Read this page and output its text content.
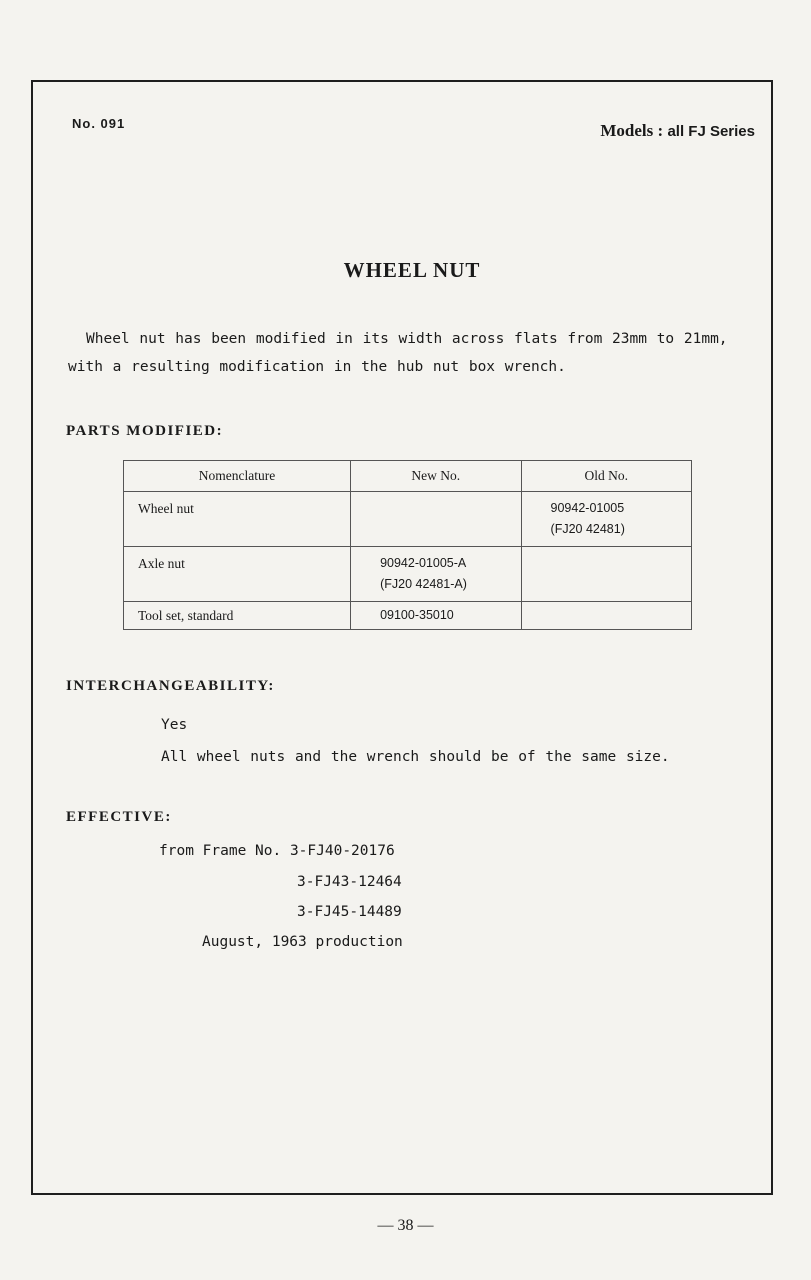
No. 091	Models : all FJ Series
WHEEL NUT
Wheel nut has been modified in its width across flats from 23mm to 21mm, with a resulting modification in the hub nut box wrench.
PARTS MODIFIED:
Nomenclature	New No.	Old No.
Wheel nut		90942-01005
(FJ20 42481)

Axle nut	90942-01005-A
(FJ20 42481-A)	

Tool set, standard	09100-35010	

INTERCHANGEABILITY:
Yes
All wheel nuts and the wrench should be of the same size.
EFFECTIVE:
from Frame No. 3-FJ40-20176
3-FJ43-12464
3-FJ45-14489
August, 1963 production
— 38 —
